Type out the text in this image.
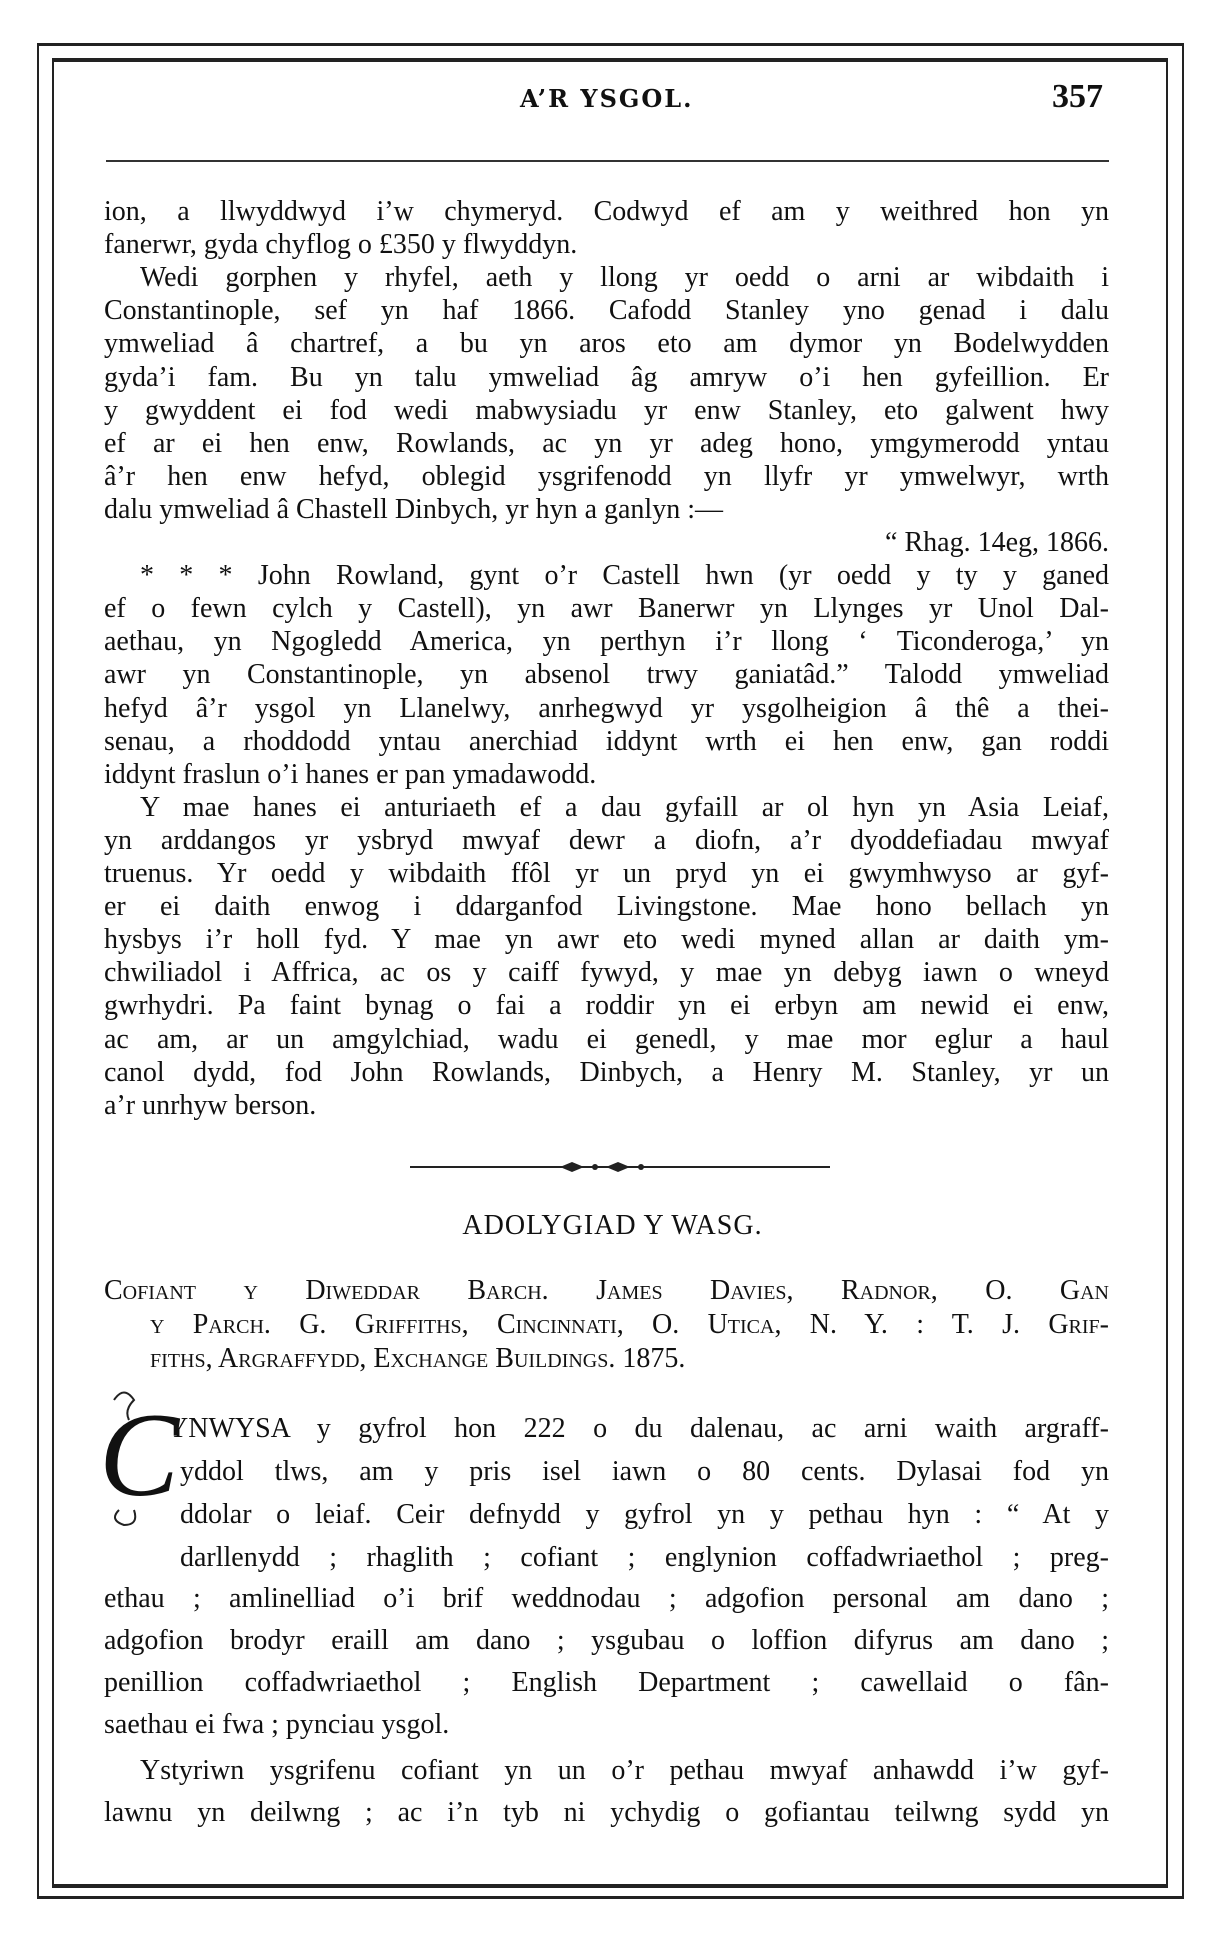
A’R YSGOL.	357
ion, a llwyddwyd i’w chymeryd. Codwyd ef am y weithred hon yn
fanerwr, gyda chyflog o £350 y flwyddyn.
Wedi gorphen y rhyfel, aeth y llong yr oedd o arni ar wibdaith i
Constantinople, sef yn haf 1866. Cafodd Stanley yno genad i dalu
ymweliad â chartref, a bu yn aros eto am dymor yn Bodelwydden
gyda’i fam. Bu yn talu ymweliad âg amryw o’i hen gyfeillion. Er
y gwyddent ei fod wedi mabwysiadu yr enw Stanley, eto galwent hwy
ef ar ei hen enw, Rowlands, ac yn yr adeg hono, ymgymerodd yntau
â’r hen enw hefyd, oblegid ysgrifenodd yn llyfr yr ymwelwyr, wrth
dalu ymweliad â Chastell Dinbych, yr hyn a ganlyn :—
“ Rhag. 14eg, 1866.
* * * John Rowland, gynt o’r Castell hwn (yr oedd y ty y ganed
ef o fewn cylch y Castell), yn awr Banerwr yn Llynges yr Unol Dal-
aethau, yn Ngogledd America, yn perthyn i’r llong ‘ Ticonderoga,’ yn
awr yn Constantinople, yn absenol trwy ganiatâd.” Talodd ymweliad
hefyd â’r ysgol yn Llanelwy, anrhegwyd yr ysgolheigion â thê a thei-
senau, a rhoddodd yntau anerchiad iddynt wrth ei hen enw, gan roddi
iddynt fraslun o’i hanes er pan ymadawodd.
Y mae hanes ei anturiaeth ef a dau gyfaill ar ol hyn yn Asia Leiaf,
yn arddangos yr ysbryd mwyaf dewr a diofn, a’r dyoddefiadau mwyaf
truenus. Yr oedd y wibdaith ffôl yr un pryd yn ei gwymhwyso ar gyf-
er ei daith enwog i ddarganfod Livingstone. Mae hono bellach yn
hysbys i’r holl fyd. Y mae yn awr eto wedi myned allan ar daith ym-
chwiliadol i Affrica, ac os y caiff fywyd, y mae yn debyg iawn o wneyd
gwrhydri. Pa faint bynag o fai a roddir yn ei erbyn am newid ei enw,
ac am, ar un amgylchiad, wadu ei genedl, y mae mor eglur a haul
canol dydd, fod John Rowlands, Dinbych, a Henry M. Stanley, yr un
a’r unrhyw berson.
ADOLYGIAD Y WASG.
Cofiant y Diweddar Barch. James Davies, Radnor, O. Gan
y Parch. G. Griffiths, Cincinnati, O. Utica, N. Y. : T. J. Grif-
fiths, Argraffydd, Exchange Buildings. 1875.
YNWYSA y gyfrol hon 222 o du dalenau, ac arni waith argraff-
yddol tlws, am y pris isel iawn o 80 cents. Dylasai fod yn
ddolar o leiaf. Ceir defnydd y gyfrol yn y pethau hyn : “ At y
darllenydd ; rhaglith ; cofiant ; englynion coffadwriaethol ; preg-
ethau ; amlinelliad o’i brif weddnodau ; adgofion personal am dano ;
adgofion brodyr eraill am dano ; ysgubau o loffion difyrus am dano ;
penillion coffadwriaethol ; English Department ; cawellaid o fân-
saethau ei fwa ; pynciau ysgol.
Ystyriwn ysgrifenu cofiant yn un o’r pethau mwyaf anhawdd i’w gyf-
lawnu yn deilwng ; ac i’n tyb ni ychydig o gofiantau teilwng sydd yn
C
